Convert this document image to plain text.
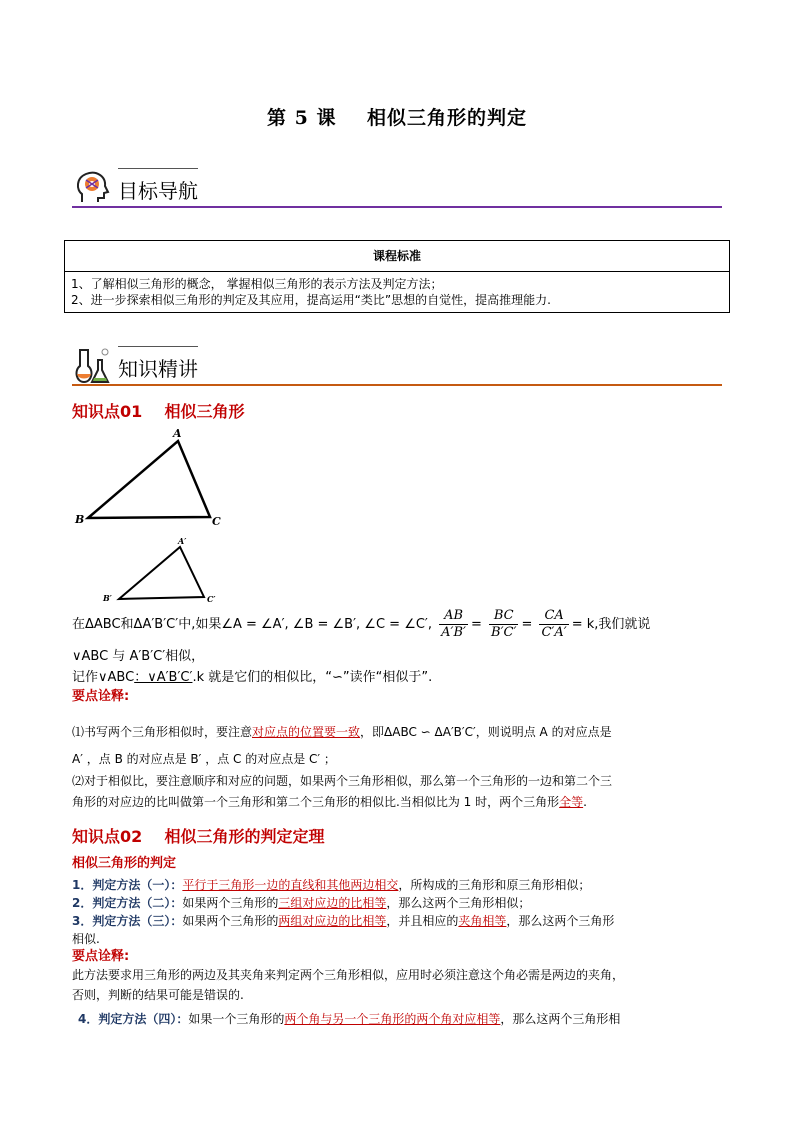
第 5 课    相似三角形的判定
目标导航
课程标准

1、了解相似三角形的概念， 掌握相似三角形的表示方法及判定方法；
2、进一步探索相似三角形的判定及其应用，提高运用“类比”思想的自觉性，提高推理能力.
知识精讲
知识点01    相似三角形
A
B	C
A′
B′	C′
在ΔABC和ΔA′B′C′中,如果∠A = ∠A′, ∠B = ∠B′, ∠C = ∠C′, $\frac{AB}{A'B'} = \frac{BC}{B'C'} = \frac{CA}{C'A'} = k$,我们就说
∨ABC 与 A′B′C′相似，
记作∨ABC：∨A′B′C′.k 就是它们的相似比，“∽”读作“相似于”.
要点诠释:
⑴书写两个三角形相似时，要注意对应点的位置要一致，即ΔABC ∽ ΔA′B′C′，则说明点 A 的对应点是
A′ ，点 B 的对应点是 B′ ，点 C 的对应点是 C′ ；
⑵对于相似比，要注意顺序和对应的问题，如果两个三角形相似，那么第一个三角形的一边和第二个三
角形的对应边的比叫做第一个三角形和第二个三角形的相似比.当相似比为 1 时，两个三角形全等.
知识点02    相似三角形的判定定理
相似三角形的判定
1．判定方法（一）：平行于三角形一边的直线和其他两边相交，所构成的三角形和原三角形相似；
2．判定方法（二）：如果两个三角形的三组对应边的比相等，那么这两个三角形相似；
3．判定方法（三）：如果两个三角形的两组对应边的比相等，并且相应的夹角相等，那么这两个三角形
相似.
要点诠释:
此方法要求用三角形的两边及其夹角来判定两个三角形相似，应用时必须注意这个角必需是两边的夹角，
否则，判断的结果可能是错误的.
4．判定方法（四）：如果一个三角形的两个角与另一个三角形的两个角对应相等，那么这两个三角形相
